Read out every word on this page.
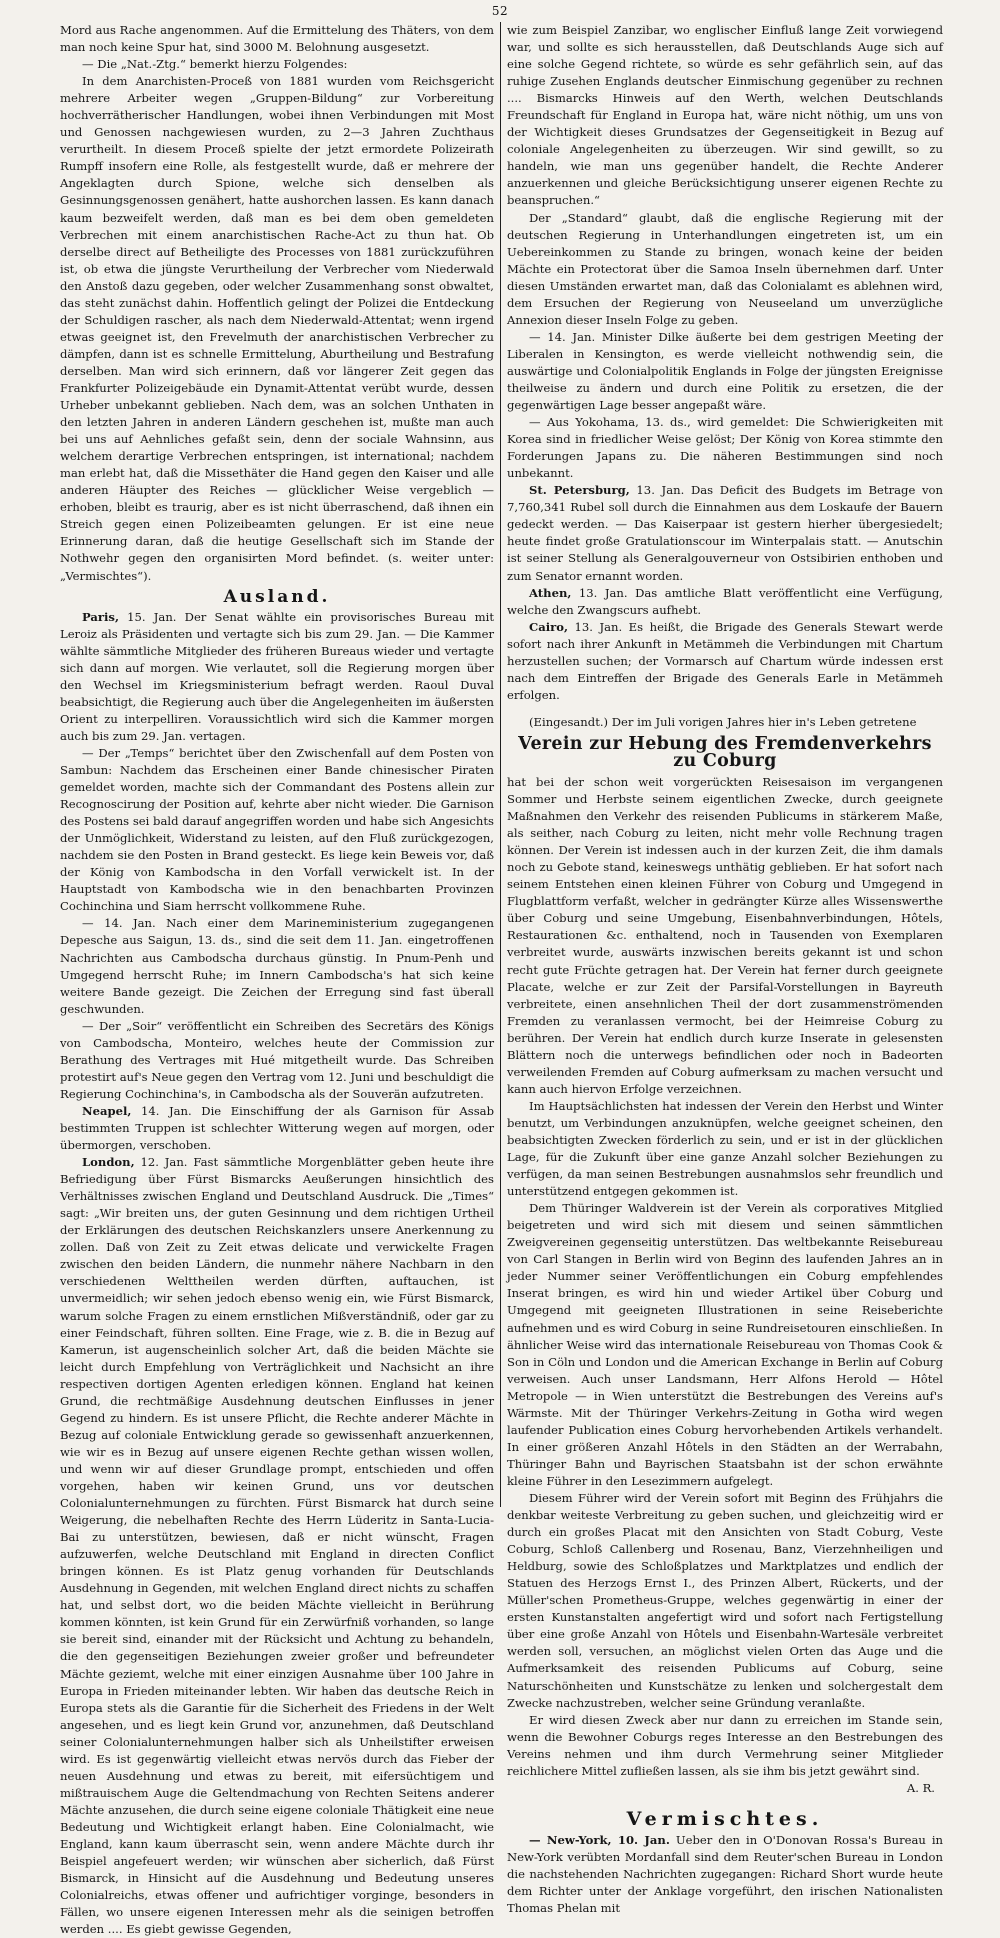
52

Mord aus Rache angenommen. Auf die Ermittelung des Thäters, von dem man noch keine Spur hat, sind 3000 M. Belohnung ausgesetzt.

— Die „Nat.-Ztg.“ bemerkt hierzu Folgendes:

In dem Anarchisten-Proceß von 1881 wurden vom Reichsgericht mehrere Arbeiter wegen „Gruppen-Bildung“ zur Vorbereitung hochverrätherischer Handlungen, wobei ihnen Verbindungen mit Most und Genossen nachgewiesen wurden, zu 2—3 Jahren Zuchthaus verurtheilt. In diesem Proceß spielte der jetzt ermordete Polizeirath Rumpff insofern eine Rolle, als festgestellt wurde, daß er mehrere der Angeklagten durch Spione, welche sich denselben als Gesinnungsgenossen genähert, hatte aushorchen lassen. Es kann danach kaum bezweifelt werden, daß man es bei dem oben gemeldeten Verbrechen mit einem anarchistischen Rache-Act zu thun hat. Ob derselbe direct auf Betheiligte des Processes von 1881 zurückzuführen ist, ob etwa die jüngste Verurtheilung der Verbrecher vom Niederwald den Anstoß dazu gegeben, oder welcher Zusammenhang sonst obwaltet, das steht zunächst dahin. Hoffentlich gelingt der Polizei die Entdeckung der Schuldigen rascher, als nach dem Niederwald-Attentat; wenn irgend etwas geeignet ist, den Frevelmuth der anarchistischen Verbrecher zu dämpfen, dann ist es schnelle Ermittelung, Aburtheilung und Bestrafung derselben. Man wird sich erinnern, daß vor längerer Zeit gegen das Frankfurter Polizeigebäude ein Dynamit-Attentat verübt wurde, dessen Urheber unbekannt geblieben. Nach dem, was an solchen Unthaten in den letzten Jahren in anderen Ländern geschehen ist, mußte man auch bei uns auf Aehnliches gefaßt sein, denn der sociale Wahnsinn, aus welchem derartige Verbrechen entspringen, ist international; nachdem man erlebt hat, daß die Missethäter die Hand gegen den Kaiser und alle anderen Häupter des Reiches — glücklicher Weise vergeblich — erhoben, bleibt es traurig, aber es ist nicht überraschend, daß ihnen ein Streich gegen einen Polizeibeamten gelungen. Er ist eine neue Erinnerung daran, daß die heutige Gesellschaft sich im Stande der Nothwehr gegen den organisirten Mord befindet. (s. weiter unter: „Vermischtes“).

Ausland.

Paris, 15. Jan. Der Senat wählte ein provisorisches Bureau mit Leroiz als Präsidenten und vertagte sich bis zum 29. Jan. — Die Kammer wählte sämmtliche Mitglieder des früheren Bureaus wieder und vertagte sich dann auf morgen. Wie verlautet, soll die Regierung morgen über den Wechsel im Kriegsministerium befragt werden. Raoul Duval beabsichtigt, die Regierung auch über die Angelegenheiten im äußersten Orient zu interpelliren. Voraussichtlich wird sich die Kammer morgen auch bis zum 29. Jan. vertagen.

— Der „Temps“ berichtet über den Zwischenfall auf dem Posten von Sambun: Nachdem das Erscheinen einer Bande chinesischer Piraten gemeldet worden, machte sich der Commandant des Postens allein zur Recognoscirung der Position auf, kehrte aber nicht wieder. Die Garnison des Postens sei bald darauf angegriffen worden und habe sich Angesichts der Unmöglichkeit, Widerstand zu leisten, auf den Fluß zurückgezogen, nachdem sie den Posten in Brand gesteckt. Es liege kein Beweis vor, daß der König von Kambodscha in den Vorfall verwickelt ist. In der Hauptstadt von Kambodscha wie in den benachbarten Provinzen Cochinchina und Siam herrscht vollkommene Ruhe.

— 14. Jan. Nach einer dem Marineministerium zugegangenen Depesche aus Saigun, 13. ds., sind die seit dem 11. Jan. eingetroffenen Nachrichten aus Cambodscha durchaus günstig. In Pnum-Penh und Umgegend herrscht Ruhe; im Innern Cambodscha's hat sich keine weitere Bande gezeigt. Die Zeichen der Erregung sind fast überall geschwunden.

— Der „Soir“ veröffentlicht ein Schreiben des Secretärs des Königs von Cambodscha, Monteiro, welches heute der Commission zur Berathung des Vertrages mit Hué mitgetheilt wurde. Das Schreiben protestirt auf's Neue gegen den Vertrag vom 12. Juni und beschuldigt die Regierung Cochinchina's, in Cambodscha als der Souverän aufzutreten.

Neapel, 14. Jan. Die Einschiffung der als Garnison für Assab bestimmten Truppen ist schlechter Witterung wegen auf morgen, oder übermorgen, verschoben.

London, 12. Jan. Fast sämmtliche Morgenblätter geben heute ihre Befriedigung über Fürst Bismarcks Aeußerungen hinsichtlich des Verhältnisses zwischen England und Deutschland Ausdruck. Die „Times“ sagt: „Wir breiten uns, der guten Gesinnung und dem richtigen Urtheil der Erklärungen des deutschen Reichskanzlers unsere Anerkennung zu zollen. Daß von Zeit zu Zeit etwas delicate und verwickelte Fragen zwischen den beiden Ländern, die nunmehr nähere Nachbarn in den verschiedenen Welttheilen werden dürften, auftauchen, ist unvermeidlich; wir sehen jedoch ebenso wenig ein, wie Fürst Bismarck, warum solche Fragen zu einem ernstlichen Mißverständniß, oder gar zu einer Feindschaft, führen sollten. Eine Frage, wie z. B. die in Bezug auf Kamerun, ist augenscheinlich solcher Art, daß die beiden Mächte sie leicht durch Empfehlung von Verträglichkeit und Nachsicht an ihre respectiven dortigen Agenten erledigen können. England hat keinen Grund, die rechtmäßige Ausdehnung deutschen Einflusses in jener Gegend zu hindern. Es ist unsere Pflicht, die Rechte anderer Mächte in Bezug auf coloniale Entwicklung gerade so gewissenhaft anzuerkennen, wie wir es in Bezug auf unsere eigenen Rechte gethan wissen wollen, und wenn wir auf dieser Grundlage prompt, entschieden und offen vorgehen, haben wir keinen Grund, uns vor deutschen Colonialunternehmungen zu fürchten. Fürst Bismarck hat durch seine Weigerung, die nebelhaften Rechte des Herrn Lüderitz in Santa-Lucia-Bai zu unterstützen, bewiesen, daß er nicht wünscht, Fragen aufzuwerfen, welche Deutschland mit England in directen Conflict bringen können. Es ist Platz genug vorhanden für Deutschlands Ausdehnung in Gegenden, mit welchen England direct nichts zu schaffen hat, und selbst dort, wo die beiden Mächte vielleicht in Berührung kommen könnten, ist kein Grund für ein Zerwürfniß vorhanden, so lange sie bereit sind, einander mit der Rücksicht und Achtung zu behandeln, die den gegenseitigen Beziehungen zweier großer und befreundeter Mächte geziemt, welche mit einer einzigen Ausnahme über 100 Jahre in Europa in Frieden miteinander lebten. Wir haben das deutsche Reich in Europa stets als die Garantie für die Sicherheit des Friedens in der Welt angesehen, und es liegt kein Grund vor, anzunehmen, daß Deutschland seiner Colonialunternehmungen halber sich als Unheilstifter erweisen wird. Es ist gegenwärtig vielleicht etwas nervös durch das Fieber der neuen Ausdehnung und etwas zu bereit, mit eifersüchtigem und mißtrauischem Auge die Geltendmachung von Rechten Seitens anderer Mächte anzusehen, die durch seine eigene coloniale Thätigkeit eine neue Bedeutung und Wichtigkeit erlangt haben. Eine Colonialmacht, wie England, kann kaum überrascht sein, wenn andere Mächte durch ihr Beispiel angefeuert werden; wir wünschen aber sicherlich, daß Fürst Bismarck, in Hinsicht auf die Ausdehnung und Bedeutung unseres Colonialreichs, etwas offener und aufrichtiger vorginge, besonders in Fällen, wo unsere eigenen Interessen mehr als die seinigen betroffen werden .... Es giebt gewisse Gegenden,

wie zum Beispiel Zanzibar, wo englischer Einfluß lange Zeit vorwiegend war, und sollte es sich herausstellen, daß Deutschlands Auge sich auf eine solche Gegend richtete, so würde es sehr gefährlich sein, auf das ruhige Zusehen Englands deutscher Einmischung gegenüber zu rechnen .... Bismarcks Hinweis auf den Werth, welchen Deutschlands Freundschaft für England in Europa hat, wäre nicht nöthig, um uns von der Wichtigkeit dieses Grundsatzes der Gegenseitigkeit in Bezug auf coloniale Angelegenheiten zu überzeugen. Wir sind gewillt, so zu handeln, wie man uns gegenüber handelt, die Rechte Anderer anzuerkennen und gleiche Berücksichtigung unserer eigenen Rechte zu beanspruchen.“

Der „Standard“ glaubt, daß die englische Regierung mit der deutschen Regierung in Unterhandlungen eingetreten ist, um ein Uebereinkommen zu Stande zu bringen, wonach keine der beiden Mächte ein Protectorat über die Samoa Inseln übernehmen darf. Unter diesen Umständen erwartet man, daß das Colonialamt es ablehnen wird, dem Ersuchen der Regierung von Neuseeland um unverzügliche Annexion dieser Inseln Folge zu geben.

— 14. Jan. Minister Dilke äußerte bei dem gestrigen Meeting der Liberalen in Kensington, es werde vielleicht nothwendig sein, die auswärtige und Colonialpolitik Englands in Folge der jüngsten Ereignisse theilweise zu ändern und durch eine Politik zu ersetzen, die der gegenwärtigen Lage besser angepaßt wäre.

— Aus Yokohama, 13. ds., wird gemeldet: Die Schwierigkeiten mit Korea sind in friedlicher Weise gelöst; Der König von Korea stimmte den Forderungen Japans zu. Die näheren Bestimmungen sind noch unbekannt.

St. Petersburg, 13. Jan. Das Deficit des Budgets im Betrage von 7,760,341 Rubel soll durch die Einnahmen aus dem Loskaufe der Bauern gedeckt werden. — Das Kaiserpaar ist gestern hierher übergesiedelt; heute findet große Gratulationscour im Winterpalais statt. — Anutschin ist seiner Stellung als Generalgouverneur von Ostsibirien enthoben und zum Senator ernannt worden.

Athen, 13. Jan. Das amtliche Blatt veröffentlicht eine Verfügung, welche den Zwangscurs aufhebt.

Cairo, 13. Jan. Es heißt, die Brigade des Generals Stewart werde sofort nach ihrer Ankunft in Metämmeh die Verbindungen mit Chartum herzustellen suchen; der Vormarsch auf Chartum würde indessen erst nach dem Eintreffen der Brigade des Generals Earle in Metämmeh erfolgen.

(Eingesandt.) Der im Juli vorigen Jahres hier in's Leben getretene

Verein zur Hebung des Fremdenverkehrs zu Coburg

hat bei der schon weit vorgerückten Reisesaison im vergangenen Sommer und Herbste seinem eigentlichen Zwecke, durch geeignete Maßnahmen den Verkehr des reisenden Publicums in stärkerem Maße, als seither, nach Coburg zu leiten, nicht mehr volle Rechnung tragen können. Der Verein ist indessen auch in der kurzen Zeit, die ihm damals noch zu Gebote stand, keineswegs unthätig geblieben. Er hat sofort nach seinem Entstehen einen kleinen Führer von Coburg und Umgegend in Flugblattform verfaßt, welcher in gedrängter Kürze alles Wissenswerthe über Coburg und seine Umgebung, Eisenbahnverbindungen, Hôtels, Restaurationen &c. enthaltend, noch in Tausenden von Exemplaren verbreitet wurde, auswärts inzwischen bereits gekannt ist und schon recht gute Früchte getragen hat. Der Verein hat ferner durch geeignete Placate, welche er zur Zeit der Parsifal-Vorstellungen in Bayreuth verbreitete, einen ansehnlichen Theil der dort zusammenströmenden Fremden zu veranlassen vermocht, bei der Heimreise Coburg zu berühren. Der Verein hat endlich durch kurze Inserate in gelesensten Blättern noch die unterwegs befindlichen oder noch in Badeorten verweilenden Fremden auf Coburg aufmerksam zu machen versucht und kann auch hiervon Erfolge verzeichnen.

Im Hauptsächlichsten hat indessen der Verein den Herbst und Winter benutzt, um Verbindungen anzuknüpfen, welche geeignet scheinen, den beabsichtigten Zwecken förderlich zu sein, und er ist in der glücklichen Lage, für die Zukunft über eine ganze Anzahl solcher Beziehungen zu verfügen, da man seinen Bestrebungen ausnahmslos sehr freundlich und unterstützend entgegen gekommen ist.

Dem Thüringer Waldverein ist der Verein als corporatives Mitglied beigetreten und wird sich mit diesem und seinen sämmtlichen Zweigvereinen gegenseitig unterstützen. Das weltbekannte Reisebureau von Carl Stangen in Berlin wird von Beginn des laufenden Jahres an in jeder Nummer seiner Veröffentlichungen ein Coburg empfehlendes Inserat bringen, es wird hin und wieder Artikel über Coburg und Umgegend mit geeigneten Illustrationen in seine Reiseberichte aufnehmen und es wird Coburg in seine Rundreisetouren einschließen. In ähnlicher Weise wird das internationale Reisebureau von Thomas Cook & Son in Cöln und London und die American Exchange in Berlin auf Coburg verweisen. Auch unser Landsmann, Herr Alfons Herold — Hôtel Metropole — in Wien unterstützt die Bestrebungen des Vereins auf's Wärmste. Mit der Thüringer Verkehrs-Zeitung in Gotha wird wegen laufender Publication eines Coburg hervorhebenden Artikels verhandelt. In einer größeren Anzahl Hôtels in den Städten an der Werrabahn, Thüringer Bahn und Bayrischen Staatsbahn ist der schon erwähnte kleine Führer in den Lesezimmern aufgelegt.

Diesem Führer wird der Verein sofort mit Beginn des Frühjahrs die denkbar weiteste Verbreitung zu geben suchen, und gleichzeitig wird er durch ein großes Placat mit den Ansichten von Stadt Coburg, Veste Coburg, Schloß Callenberg und Rosenau, Banz, Vierzehnheiligen und Heldburg, sowie des Schloßplatzes und Marktplatzes und endlich der Statuen des Herzogs Ernst I., des Prinzen Albert, Rückerts, und der Müller'schen Prometheus-Gruppe, welches gegenwärtig in einer der ersten Kunstanstalten angefertigt wird und sofort nach Fertigstellung über eine große Anzahl von Hôtels und Eisenbahn-Wartesäle verbreitet werden soll, versuchen, an möglichst vielen Orten das Auge und die Aufmerksamkeit des reisenden Publicums auf Coburg, seine Naturschönheiten und Kunstschätze zu lenken und solchergestalt dem Zwecke nachzustreben, welcher seine Gründung veranlaßte.

Er wird diesen Zweck aber nur dann zu erreichen im Stande sein, wenn die Bewohner Coburgs reges Interesse an den Bestrebungen des Vereins nehmen und ihm durch Vermehrung seiner Mitglieder reichlichere Mittel zufließen lassen, als sie ihm bis jetzt gewährt sind.

A. R.

Vermischtes.

— New-York, 10. Jan. Ueber den in O'Donovan Rossa's Bureau in New-York verübten Mordanfall sind dem Reuter'schen Bureau in London die nachstehenden Nachrichten zugegangen: Richard Short wurde heute dem Richter unter der Anklage vorgeführt, den irischen Nationalisten Thomas Phelan mit
